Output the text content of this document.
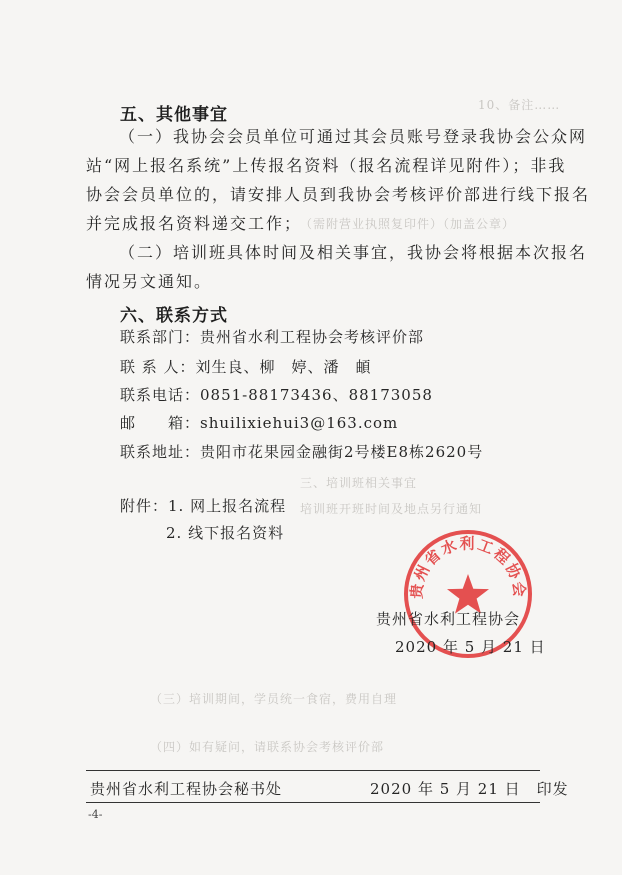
10、备注……
（需附营业执照复印件）（加盖公章）
三、培训班相关事宜
培训班开班时间及地点另行通知
（三）培训期间，学员统一食宿，费用自理
（四）如有疑问，请联系协会考核评价部
五、其他事宜
（一）我协会会员单位可通过其会员账号登录我协会公众网
站“网上报名系统”上传报名资料（报名流程详见附件）；非我
协会会员单位的，请安排人员到我协会考核评价部进行线下报名
并完成报名资料递交工作；
（二）培训班具体时间及相关事宜，我协会将根据本次报名
情况另文通知。
六、联系方式
联系部门：贵州省水利工程协会考核评价部
联 系 人：刘生良、柳　婷、潘　頔
联系电话：0851-88173436、88173058
邮　　箱：shuilixiehui3@163.com
联系地址：贵阳市花果园金融街2号楼E8栋2620号
附件：1. 网上报名流程
2. 线下报名资料
贵州省水利工程协会
贵州省水利工程协会
2020 年 5 月 21 日
贵州省水利工程协会秘书处	2020 年 5 月 21 日　印发
-4-
